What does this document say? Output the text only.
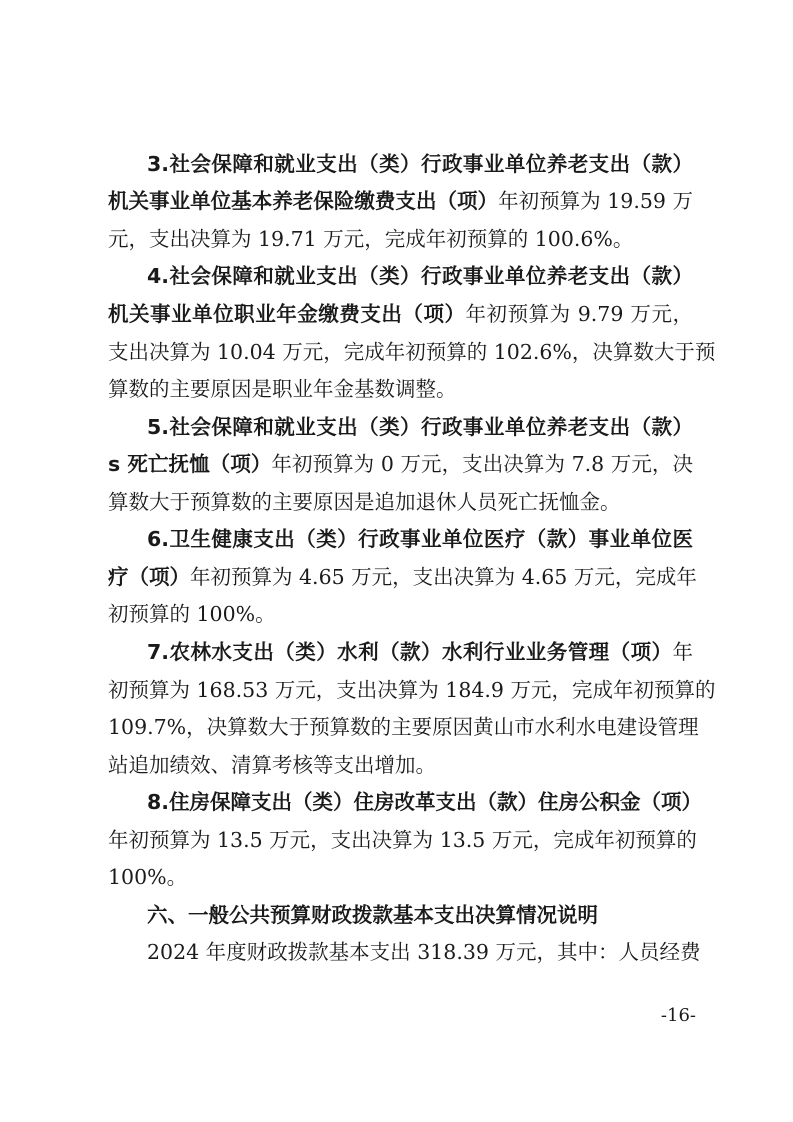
3.社会保障和就业支出（类）行政事业单位养老支出（款）
机关事业单位基本养老保险缴费支出（项）年初预算为 19.59 万
元，支出决算为 19.71 万元，完成年初预算的 100.6%。
4.社会保障和就业支出（类）行政事业单位养老支出（款）
机关事业单位职业年金缴费支出（项）年初预算为 9.79 万元，
支出决算为 10.04 万元，完成年初预算的 102.6%，决算数大于预
算数的主要原因是职业年金基数调整。
5.社会保障和就业支出（类）行政事业单位养老支出（款）
s 死亡抚恤（项）年初预算为 0 万元，支出决算为 7.8 万元，决
算数大于预算数的主要原因是追加退休人员死亡抚恤金。
6.卫生健康支出（类）行政事业单位医疗（款）事业单位医
疗（项）年初预算为 4.65 万元，支出决算为 4.65 万元，完成年
初预算的 100%。
7.农林水支出（类）水利（款）水利行业业务管理（项）年
初预算为 168.53 万元，支出决算为 184.9 万元，完成年初预算的
109.7%，决算数大于预算数的主要原因黄山市水利水电建设管理
站追加绩效、清算考核等支出增加。
8.住房保障支出（类）住房改革支出（款）住房公积金（项）
年初预算为 13.5 万元，支出决算为 13.5 万元，完成年初预算的
100%。
六、一般公共预算财政拨款基本支出决算情况说明
2024 年度财政拨款基本支出 318.39 万元，其中：人员经费
-16-
